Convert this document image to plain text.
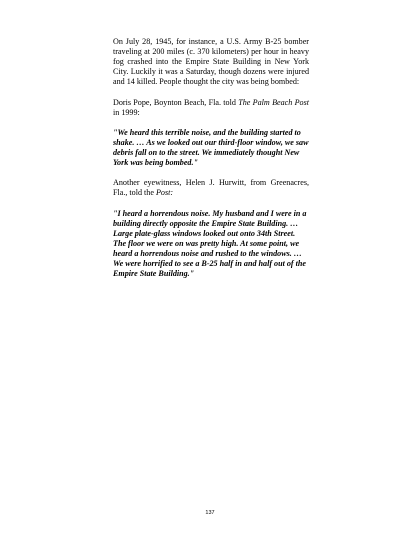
On July 28, 1945, for instance, a U.S. Army B-25 bomber traveling at 200 miles (c. 370 kilometers) per hour in heavy fog crashed into the Empire State Building in New York City. Luckily it was a Saturday, though dozens were injured and 14 killed. People thought the city was being bombed:

Doris Pope, Boynton Beach, Fla. told The Palm Beach Post in 1999:

"We heard this terrible noise, and the building started to shake. … As we looked out our third-floor window, we saw debris fall on to the street. We immediately thought New York was being bombed."

Another eyewitness, Helen J. Hurwitt, from Greenacres, Fla., told the Post:

"I heard a horrendous noise. My husband and I were in a building directly opposite the Empire State Building. … Large plate-glass windows looked out onto 34th Street. The floor we were on was pretty high. At some point, we heard a horrendous noise and rushed to the windows. … We were horrified to see a B-25 half in and half out of the Empire State Building."

137
